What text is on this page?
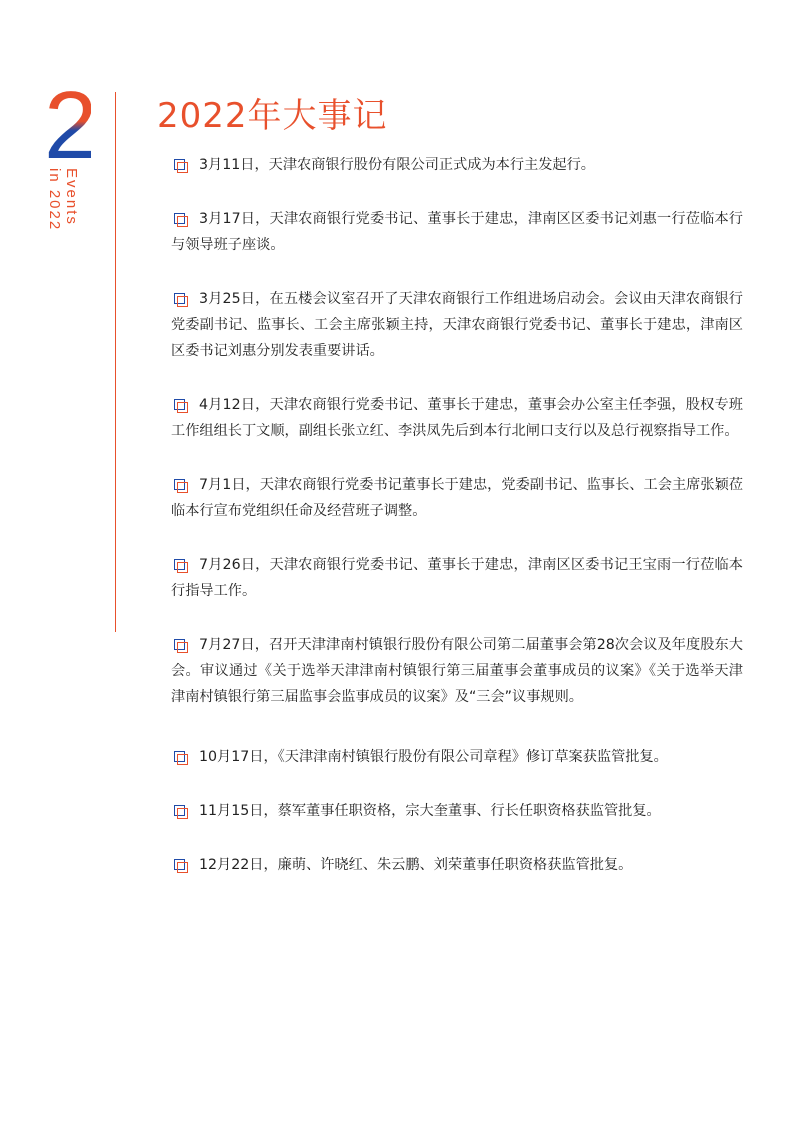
2
Events
in 2022
2022年大事记
3月11日，天津农商银行股份有限公司正式成为本行主发起行。
3月17日，天津农商银行党委书记、董事长于建忠，津南区区委书记刘惠一行莅临本行与领导班子座谈。
3月25日，在五楼会议室召开了天津农商银行工作组进场启动会。会议由天津农商银行党委副书记、监事长、工会主席张颖主持，天津农商银行党委书记、董事长于建忠，津南区区委书记刘惠分别发表重要讲话。
4月12日，天津农商银行党委书记、董事长于建忠，董事会办公室主任李强，股权专班工作组组长丁文顺，副组长张立红、李洪凤先后到本行北闸口支行以及总行视察指导工作。
7月1日，天津农商银行党委书记董事长于建忠，党委副书记、监事长、工会主席张颖莅临本行宣布党组织任命及经营班子调整。
7月26日，天津农商银行党委书记、董事长于建忠，津南区区委书记王宝雨一行莅临本行指导工作。
7月27日，召开天津津南村镇银行股份有限公司第二届董事会第28次会议及年度股东大会。审议通过《关于选举天津津南村镇银行第三届董事会董事成员的议案》《关于选举天津津南村镇银行第三届监事会监事成员的议案》及“三会”议事规则。
10月17日，《天津津南村镇银行股份有限公司章程》修订草案获监管批复。
11月15日，蔡军董事任职资格，宗大奎董事、行长任职资格获监管批复。
12月22日，廉萌、许晓红、朱云鹏、刘荣董事任职资格获监管批复。
